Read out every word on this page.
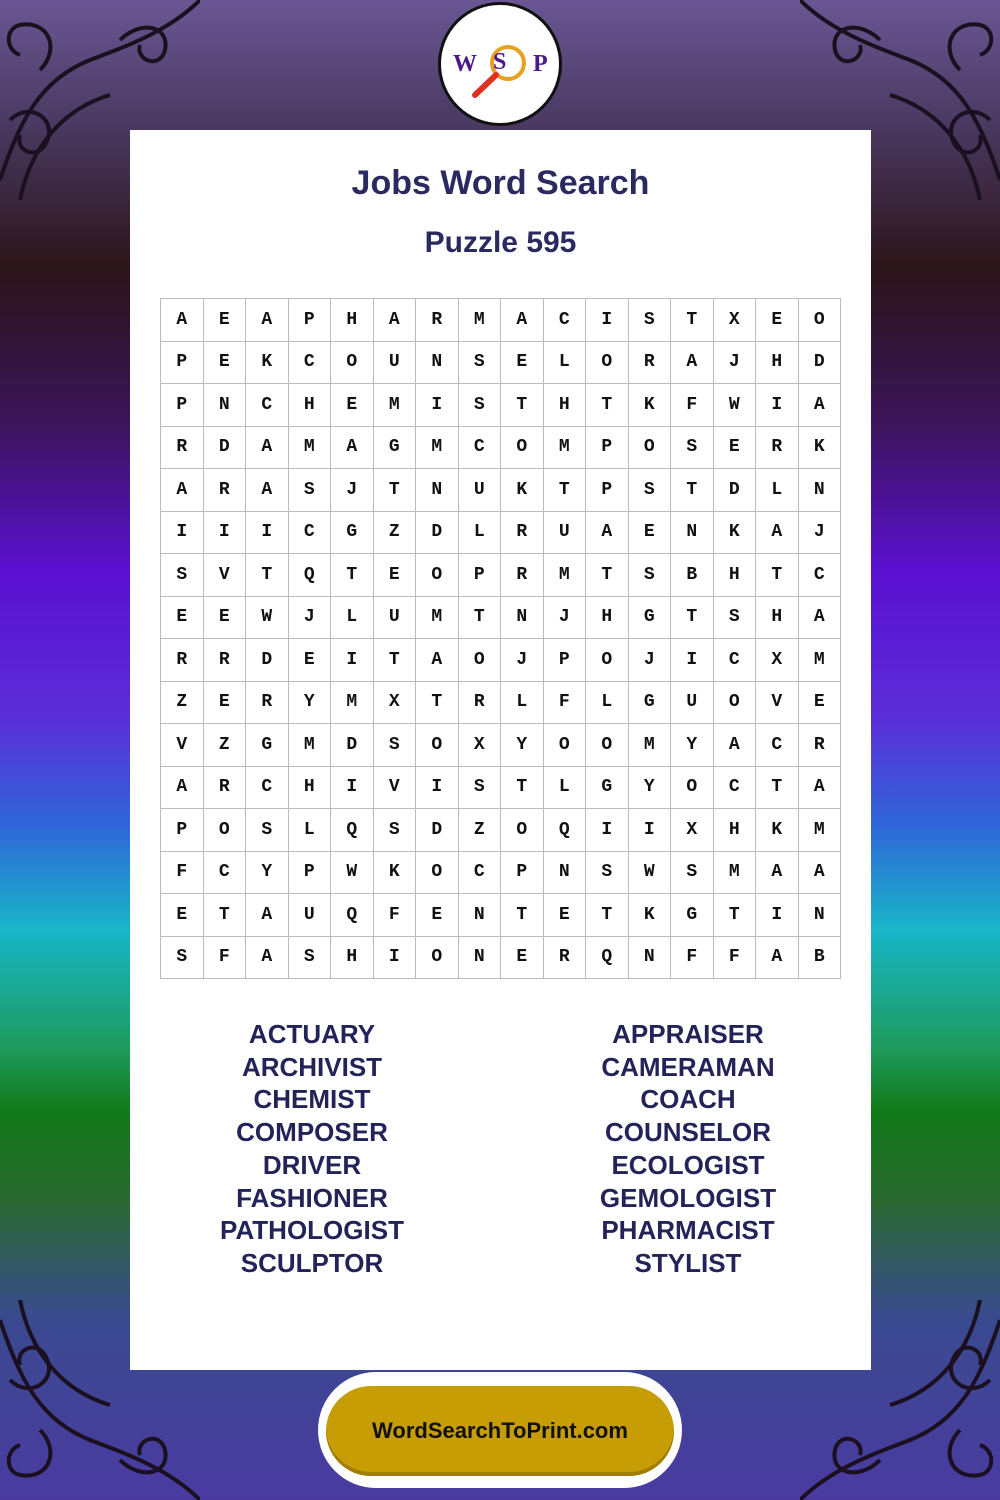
W S P
Jobs Word Search
Puzzle 595
A	E	A	P	H	A	R	M	A	C	I	S	T	X	E	O
P	E	K	C	O	U	N	S	E	L	O	R	A	J	H	D
P	N	C	H	E	M	I	S	T	H	T	K	F	W	I	A
R	D	A	M	A	G	M	C	O	M	P	O	S	E	R	K
A	R	A	S	J	T	N	U	K	T	P	S	T	D	L	N
I	I	I	C	G	Z	D	L	R	U	A	E	N	K	A	J
S	V	T	Q	T	E	O	P	R	M	T	S	B	H	T	C
E	E	W	J	L	U	M	T	N	J	H	G	T	S	H	A
R	R	D	E	I	T	A	O	J	P	O	J	I	C	X	M
Z	E	R	Y	M	X	T	R	L	F	L	G	U	O	V	E
V	Z	G	M	D	S	O	X	Y	O	O	M	Y	A	C	R
A	R	C	H	I	V	I	S	T	L	G	Y	O	C	T	A
P	O	S	L	Q	S	D	Z	O	Q	I	I	X	H	K	M
F	C	Y	P	W	K	O	C	P	N	S	W	S	M	A	A
E	T	A	U	Q	F	E	N	T	E	T	K	G	T	I	N
S	F	A	S	H	I	O	N	E	R	Q	N	F	F	A	B
ACTUARY
ARCHIVIST
CHEMIST
COMPOSER
DRIVER
FASHIONER
PATHOLOGIST
SCULPTOR
APPRAISER
CAMERAMAN
COACH
COUNSELOR
ECOLOGIST
GEMOLOGIST
PHARMACIST
STYLIST
WordSearchToPrint.com
